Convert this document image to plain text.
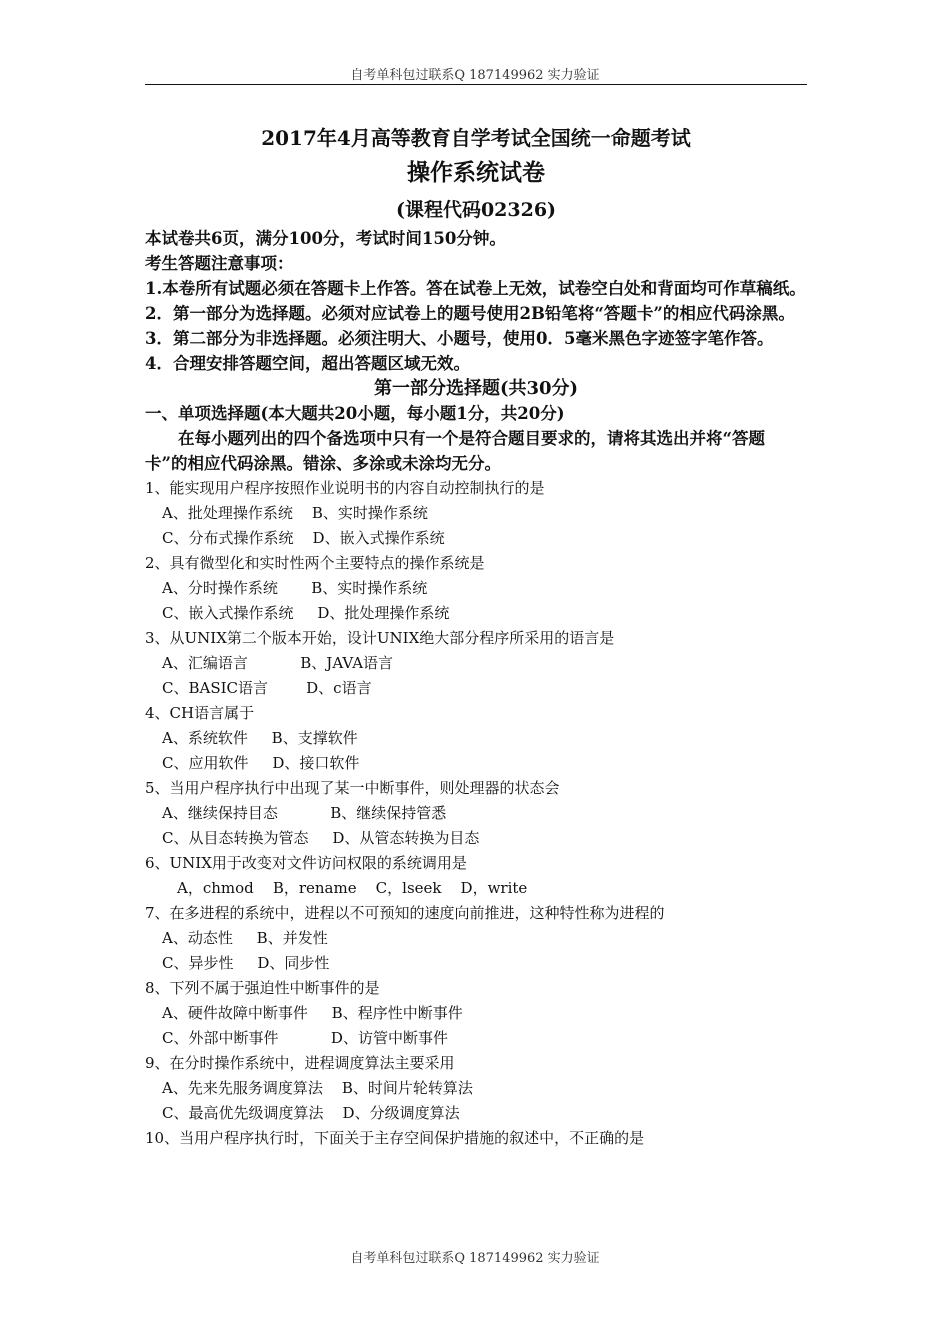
自考单科包过联系Q 187149962 实力验证
2017年4月高等教育自学考试全国统一命题考试
操作系统试卷
(课程代码02326)
本试卷共6页，满分100分，考试时间150分钟。
考生答题注意事项：
1.本卷所有试题必须在答题卡上作答。答在试卷上无效，试卷空白处和背面均可作草稿纸。
2．第一部分为选择题。必须对应试卷上的题号使用2B铅笔将“答题卡”的相应代码涂黑。
3．第二部分为非选择题。必须注明大、小题号，使用0．5毫米黑色字迹签字笔作答。
4．合理安排答题空间，超出答题区域无效。
第一部分选择题(共30分)
一、单项选择题(本大题共20小题，每小题1分，共20分)
在每小题列出的四个备选项中只有一个是符合题目要求的，请将其选出并将“答题卡”的相应代码涂黑。错涂、多涂或未涂均无分。
1、能实现用户程序按照作业说明书的内容自动控制执行的是
A、批处理操作系统    B、实时操作系统
C、分布式操作系统    D、嵌入式操作系统
2、具有微型化和实时性两个主要特点的操作系统是
A、分时操作系统       B、实时操作系统
C、嵌入式操作系统     D、批处理操作系统
3、从UNIX第二个版本开始，设计UNIX绝大部分程序所采用的语言是
A、汇编语言           B、JAVA语言
C、BASIC语言        D、c语言
4、CH语言属于
A、系统软件     B、支撑软件
C、应用软件     D、接口软件
5、当用户程序执行中出现了某一中断事件，则处理器的状态会
A、继续保持目态           B、继续保持管悉
C、从目态转换为管态     D、从管态转换为目态
6、UNIX用于改变对文件访问权限的系统调用是
A，chmod    B，rename    C，lseek    D，write
7、在多进程的系统中，进程以不可预知的速度向前推进，这种特性称为进程的
A、动态性     B、并发性
C、异步性     D、同步性
8、下列不属于强迫性中断事件的是
A、硬件故障中断事件     B、程序性中断事件
C、外部中断事件           D、访管中断事件
9、在分时操作系统中，进程调度算法主要采用
A、先来先服务调度算法    B、时间片轮转算法
C、最高优先级调度算法    D、分级调度算法
10、当用户程序执行时，下面关于主存空间保护措施的叙述中，不正确的是
自考单科包过联系Q 187149962 实力验证
